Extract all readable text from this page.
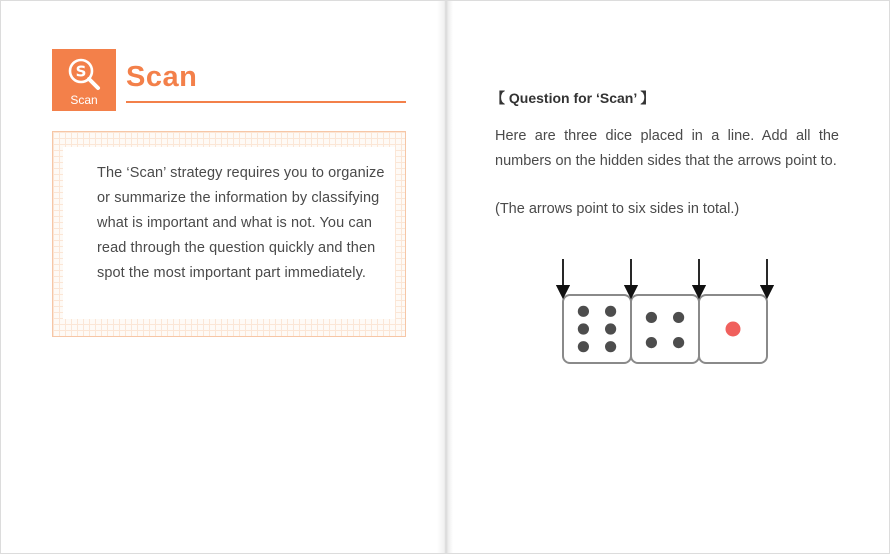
S
Scan
Scan
The ‘Scan’ strategy requires you to organize or summarize the information by classifying what is important and what is not. You can read through the question quickly and then spot the most important part immediately.
【 Question for ‘Scan’ 】
Here are three dice placed in a line. Add all the numbers on the hidden sides that the arrows point to.
(The arrows point to six sides in total.)
